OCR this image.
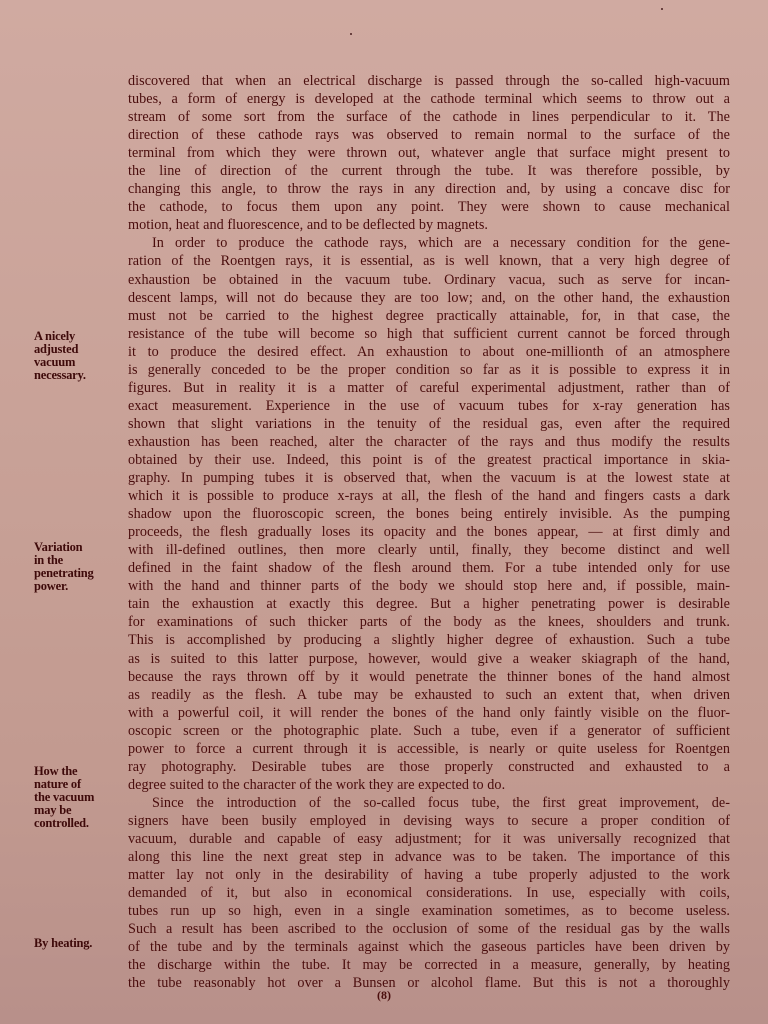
discovered that when an electrical discharge is passed through the so-called high-vacuum
tubes, a form of energy is developed at the cathode terminal which seems to throw out a
stream of some sort from the surface of the cathode in lines perpendicular to it. The
direction of these cathode rays was observed to remain normal to the surface of the
terminal from which they were thrown out, whatever angle that surface might present to
the line of direction of the current through the tube. It was therefore possible, by
changing this angle, to throw the rays in any direction and, by using a concave disc for
the cathode, to focus them upon any point. They were shown to cause mechanical
motion, heat and fluorescence, and to be deflected by magnets.
In order to produce the cathode rays, which are a necessary condition for the gene-
ration of the Roentgen rays, it is essential, as is well known, that a very high degree of
exhaustion be obtained in the vacuum tube. Ordinary vacua, such as serve for incan-
descent lamps, will not do because they are too low; and, on the other hand, the exhaustion
must not be carried to the highest degree practically attainable, for, in that case, the
resistance of the tube will become so high that sufficient current cannot be forced through
it to produce the desired effect. An exhaustion to about one-millionth of an atmosphere
is generally conceded to be the proper condition so far as it is possible to express it in
figures. But in reality it is a matter of careful experimental adjustment, rather than of
exact measurement. Experience in the use of vacuum tubes for x-ray generation has
shown that slight variations in the tenuity of the residual gas, even after the required
exhaustion has been reached, alter the character of the rays and thus modify the results
obtained by their use. Indeed, this point is of the greatest practical importance in skia-
graphy. In pumping tubes it is observed that, when the vacuum is at the lowest state at
which it is possible to produce x-rays at all, the flesh of the hand and fingers casts a dark
shadow upon the fluoroscopic screen, the bones being entirely invisible. As the pumping
proceeds, the flesh gradually loses its opacity and the bones appear, — at first dimly and
with ill-defined outlines, then more clearly until, finally, they become distinct and well
defined in the faint shadow of the flesh around them. For a tube intended only for use
with the hand and thinner parts of the body we should stop here and, if possible, main-
tain the exhaustion at exactly this degree. But a higher penetrating power is desirable
for examinations of such thicker parts of the body as the knees, shoulders and trunk.
This is accomplished by producing a slightly higher degree of exhaustion. Such a tube
as is suited to this latter purpose, however, would give a weaker skiagraph of the hand,
because the rays thrown off by it would penetrate the thinner bones of the hand almost
as readily as the flesh. A tube may be exhausted to such an extent that, when driven
with a powerful coil, it will render the bones of the hand only faintly visible on the fluor-
oscopic screen or the photographic plate. Such a tube, even if a generator of sufficient
power to force a current through it is accessible, is nearly or quite useless for Roentgen
ray photography. Desirable tubes are those properly constructed and exhausted to a
degree suited to the character of the work they are expected to do.
Since the introduction of the so-called focus tube, the first great improvement, de-
signers have been busily employed in devising ways to secure a proper condition of
vacuum, durable and capable of easy adjustment; for it was universally recognized that
along this line the next great step in advance was to be taken. The importance of this
matter lay not only in the desirability of having a tube properly adjusted to the work
demanded of it, but also in economical considerations. In use, especially with coils,
tubes run up so high, even in a single examination sometimes, as to become useless.
Such a result has been ascribed to the occlusion of some of the residual gas by the walls
of the tube and by the terminals against which the gaseous particles have been driven by
the discharge within the tube. It may be corrected in a measure, generally, by heating
the tube reasonably hot over a Bunsen or alcohol flame. But this is not a thoroughly
A nicely
adjusted
vacuum
necessary.
Variation
in the
penetrating
power.
How the
nature of
the vacuum
may be
controlled.
By heating.
(8)
